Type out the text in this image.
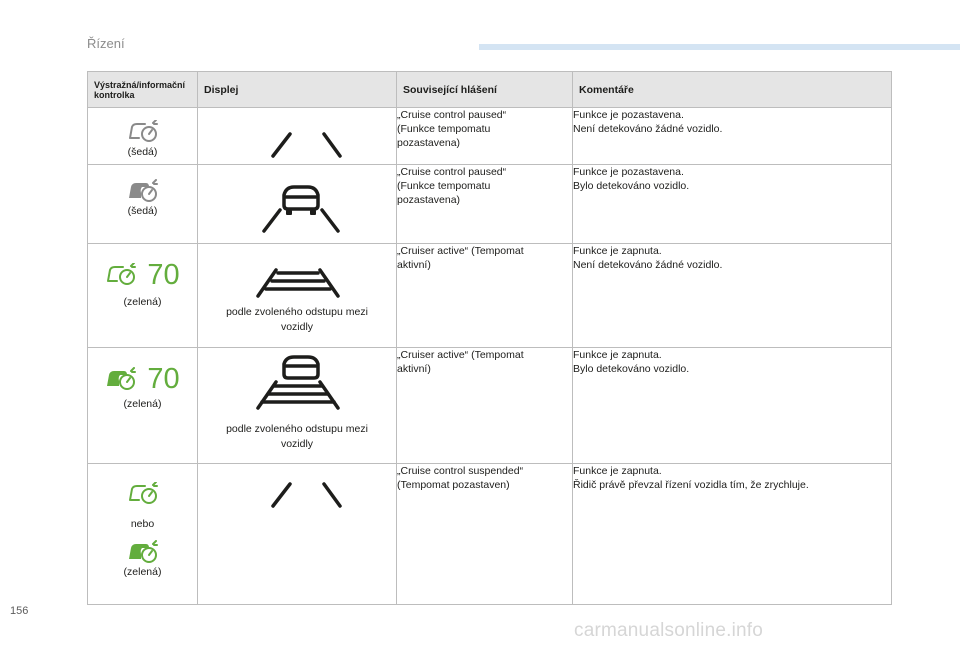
Řízení
Výstražná/informační
kontrolka	Displej	Související hlášení	Komentáře

(šedá)		„Cruise control paused“
(Funkce tempomatu
pozastavena)	Funkce je pozastavena.
Není detekováno žádné vozidlo.

(šedá)		„Cruise control paused“
(Funkce tempomatu
pozastavena)	Funkce je pozastavena.
Bylo detekováno vozidlo.

70
(zelená)	podle zvoleného odstupu mezi
vozidly	„Cruiser active“ (Tempomat
aktivní)	Funkce je zapnuta.
Není detekováno žádné vozidlo.

70
(zelená)	podle zvoleného odstupu mezi
vozidly	„Cruiser active“ (Tempomat
aktivní)	Funkce je zapnuta.
Bylo detekováno vozidlo.

nebo
(zelená)		„Cruise control suspended“
(Tempomat pozastaven)	Funkce je zapnuta.
Řidič právě převzal řízení vozidla tím, že zrychluje.
156
carmanualsonline.info
